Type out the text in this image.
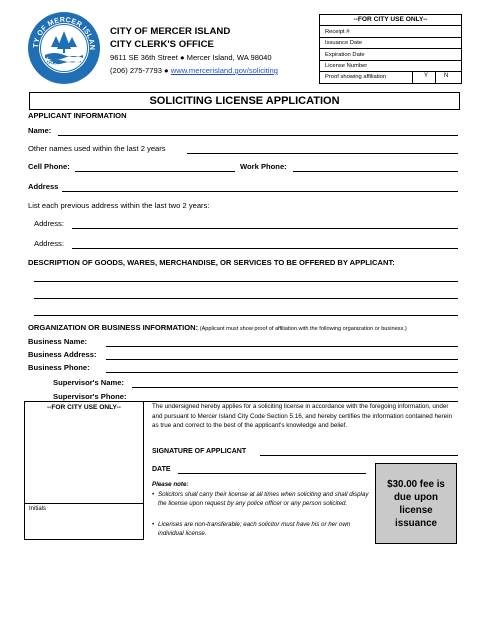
TY OF MERCER ISLAN
WASHINGTON
CITY OF MERCER ISLAND
CITY CLERK'S OFFICE
9611 SE 36th Street ● Mercer Island, WA 98040
(206) 275-7793 ● www.mercerisland.gov/soliciting
--FOR CITY USE ONLY--
Receipt #
Issuance Date
Expiration Date
License Number
Proof showing affiliation	Y	N
SOLICITING LICENSE APPLICATION
APPLICANT INFORMATION
Name:
Other names used within the last 2 years
Cell Phone:	Work Phone:
Address
List each previous address within the last two 2 years:
Address:
Address:
DESCRIPTION OF GOODS, WARES, MERCHANDISE, OR SERVICES TO BE OFFERED BY APPLICANT:
ORGANIZATION OR BUSINESS INFORMATION: (Applicant must show proof of affiliation with the following organization or business.)
Business Name:
Business Address:
Business Phone:
Supervisor's Name:
Supervisor's Phone:
--FOR CITY USE ONLY--
Initials
The undersigned hereby applies for a soliciting license in accordance with the foregoing information, under and pursuant to Mercer Island City Code Section 5.16, and hereby certifies the information contained herein as true and correct to the best of the applicant's knowledge and belief.
SIGNATURE OF APPLICANT
DATE
Please note:
• Solicitors shall carry their license at all times when soliciting and shall display the license upon request by any police officer or any person solicited.
• Licenses are non-transferable; each solicitor must have his or her own individual license.
$30.00 fee is due upon license issuance
